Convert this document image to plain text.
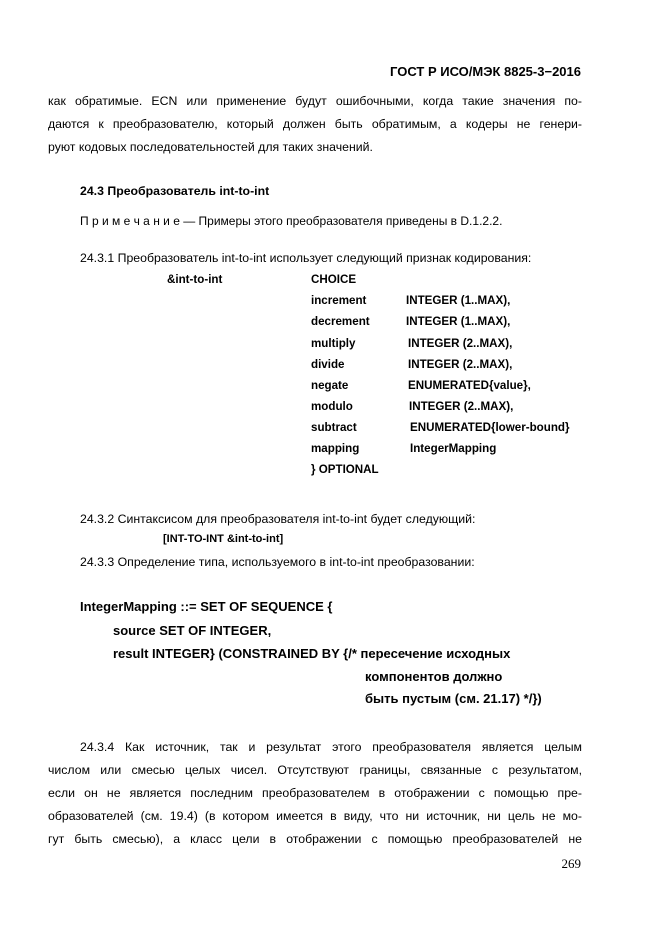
ГОСТ Р ИСО/МЭК 8825-3−2016
как обратимые. ECN или применение будут ошибочными, когда такие значения по-
даются к преобразователю, который должен быть обратимым, а кодеры не генери-
руют кодовых последовательностей для таких значений.
24.3 Преобразователь int-to-int
П р и м е ч а н и е — Примеры этого преобразователя приведены в D.1.2.2.
24.3.1 Преобразователь int-to-int использует следующий признак кодирования:
&int-to-int	CHOICE
increment	INTEGER (1..MAX),
decrement	INTEGER (1..MAX),
multiply	INTEGER (2..MAX),
divide	INTEGER (2..MAX),
negate	ENUMERATED{value},
modulo	INTEGER (2..MAX),
subtract	ENUMERATED{lower-bound}
mapping	IntegerMapping
} OPTIONAL
24.3.2 Синтаксисом для преобразователя int-to-int будет следующий:
[INT-TO-INT &int-to-int]
24.3.3 Определение типа, используемого в int-to-int преобразовании:
IntegerMapping ::= SET OF SEQUENCE {
source SET OF INTEGER,
result INTEGER} (CONSTRAINED BY {/* пересечение исходных
компонентов должно
быть пустым (см. 21.17) */})
24.3.4 Как источник, так и результат этого преобразователя является целым
числом или смесью целых чисел. Отсутствуют границы, связанные с результатом,
если он не является последним преобразователем в отображении с помощью пре-
образователей (см. 19.4) (в котором имеется в виду, что ни источник, ни цель не мо-
гут быть смесью), а класс цели в отображении с помощью преобразователей не
269
